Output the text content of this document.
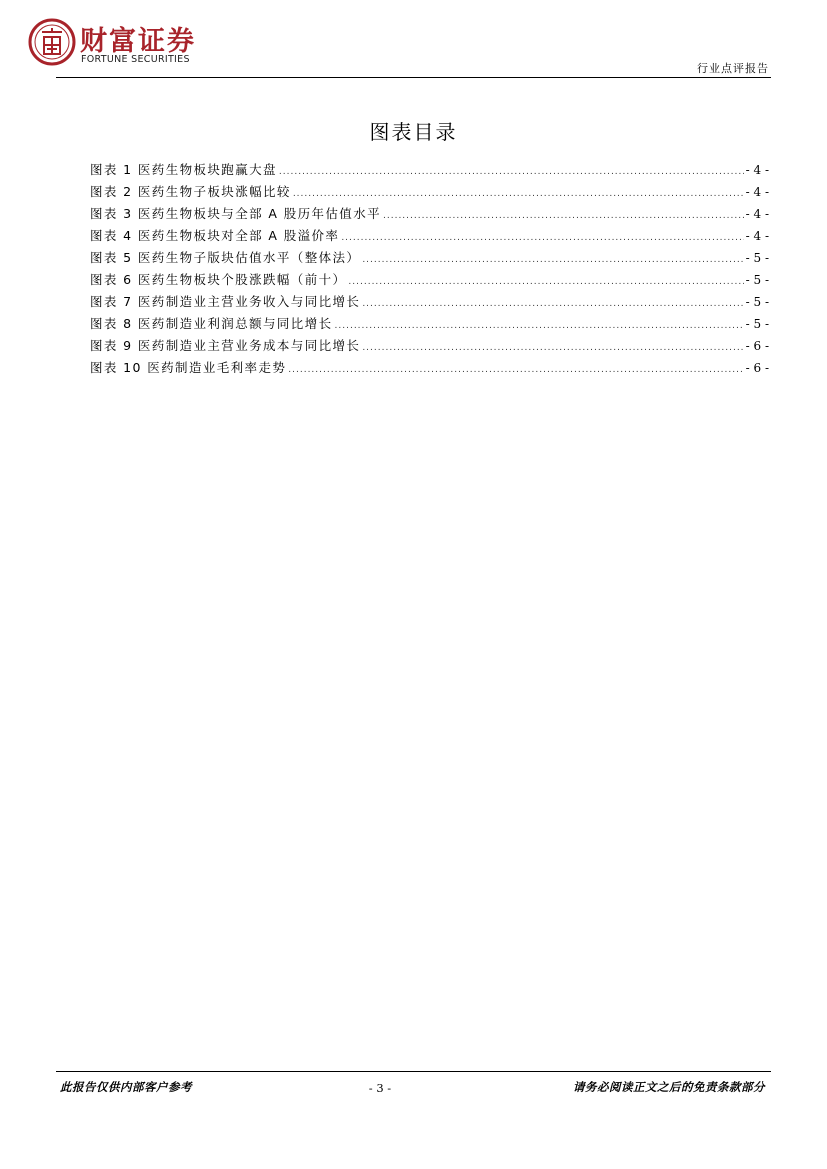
财富证券
FORTUNE SECURITIES
行业点评报告
图表目录
图表 1 医药生物板块跑赢大盘 .....	- 4 -
图表 2 医药生物子板块涨幅比较 .....	- 4 -
图表 3 医药生物板块与全部 A 股历年估值水平 .....	- 4 -
图表 4 医药生物板块对全部 A 股溢价率 .....	- 4 -
图表 5 医药生物子版块估值水平（整体法） .....	- 5 -
图表 6 医药生物板块个股涨跌幅（前十） .....	- 5 -
图表 7 医药制造业主营业务收入与同比增长 .....	- 5 -
图表 8 医药制造业利润总额与同比增长 .....	- 5 -
图表 9 医药制造业主营业务成本与同比增长 .....	- 6 -
图表 10 医药制造业毛利率走势 .....	- 6 -
此报告仅供内部客户参考	- 3 -	请务必阅读正文之后的免责条款部分
